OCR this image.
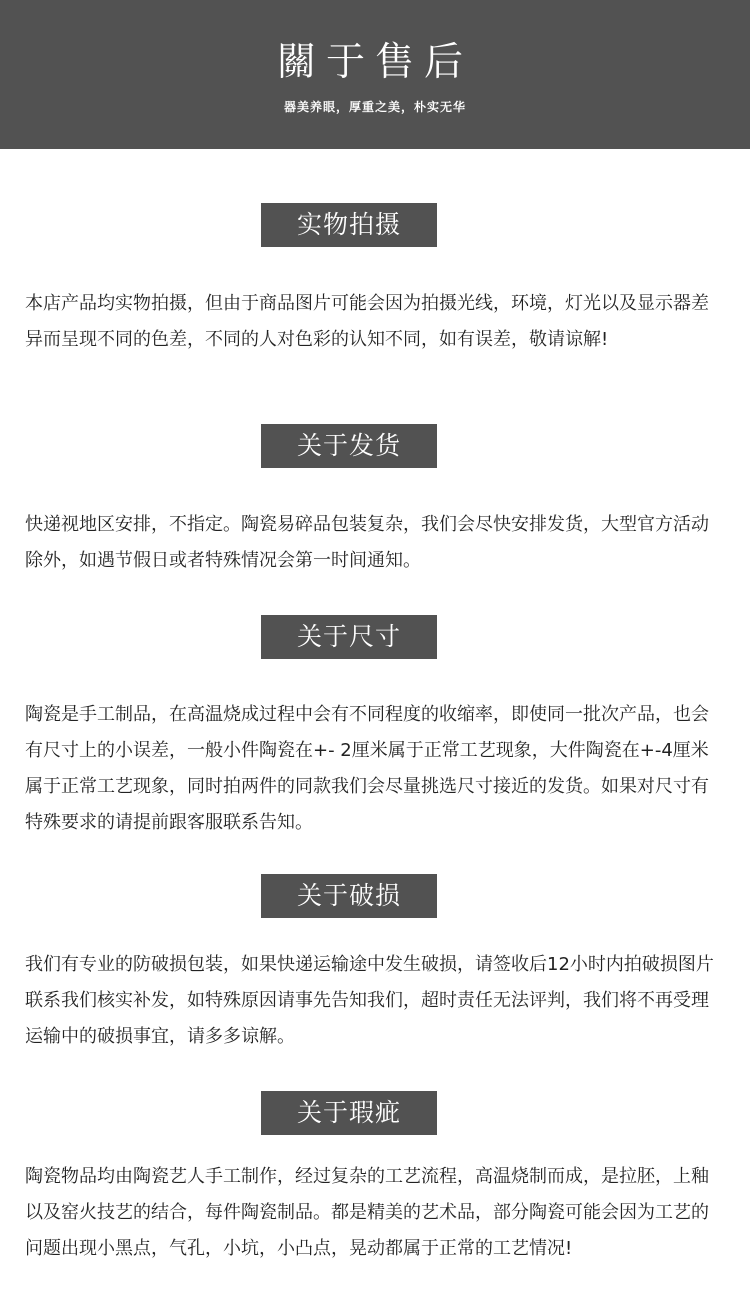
關于售后
器美养眼，厚重之美，朴实无华
实物拍摄
本店产品均实物拍摄，但由于商品图片可能会因为拍摄光线，环境，灯光以及显示器差异而呈现不同的色差，不同的人对色彩的认知不同，如有误差，敬请谅解!
关于发货
快递视地区安排，不指定。陶瓷易碎品包装复杂，我们会尽快安排发货，大型官方活动除外，如遇节假日或者特殊情况会第一时间通知。
关于尺寸
陶瓷是手工制品，在高温烧成过程中会有不同程度的收缩率，即使同一批次产品，也会有尺寸上的小误差，一般小件陶瓷在+- 2厘米属于正常工艺现象，大件陶瓷在+-4厘米属于正常工艺现象，同时拍两件的同款我们会尽量挑选尺寸接近的发货。如果对尺寸有特殊要求的请提前跟客服联系告知。
关于破损
我们有专业的防破损包装，如果快递运输途中发生破损，请签收后12小时内拍破损图片联系我们核实补发，如特殊原因请事先告知我们，超时责任无法评判，我们将不再受理运输中的破损事宜，请多多谅解。
关于瑕疵
陶瓷物品均由陶瓷艺人手工制作，经过复杂的工艺流程，高温烧制而成，是拉胚，上釉以及窑火技艺的结合，每件陶瓷制品。都是精美的艺术品，部分陶瓷可能会因为工艺的问题出现小黑点，气孔，小坑，小凸点，晃动都属于正常的工艺情况!
